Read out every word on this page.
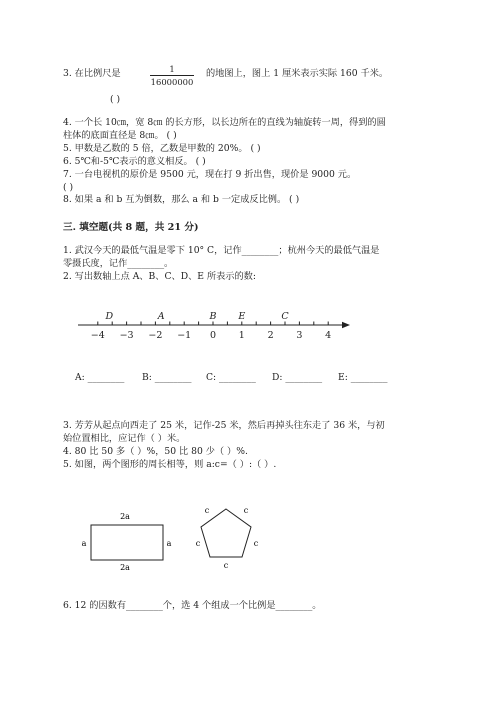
3. 在比例尺是	1
16000000
的地图上，图上 1 厘米表示实际 160 千米。
( )
4. 一个长 10㎝，宽 8㎝ 的长方形，以长边所在的直线为轴旋转一周，得到的圆
柱体的底面直径是 8㎝。 ( )
5. 甲数是乙数的 5 倍，乙数是甲数的 20%。 ( )
6. 5℃和-5℃表示的意义相反。 ( )
7. 一台电视机的原价是 9500 元，现在打 9 折出售，现价是 9000 元。
( )
8. 如果 a 和 b 互为倒数，那么 a 和 b 一定成反比例。 ( )
三. 填空题(共 8 题，共 21 分)
1. 武汉今天的最低气温是零下 10° C，记作________；杭州今天的最低气温是
零摄氏度，记作________。
2. 写出数轴上点 A、B、C、D、E 所表示的数:
−4 −3 −2 −1 0 1 2 3 4
D	A	B E	C
A: ________ B: ________ C: ________ D: ________ E: ________
3. 芳芳从起点向西走了 25 米，记作-25 米，然后再掉头往东走了 36 米，与初
始位置相比，应记作（ ）米。
4. 80 比 50 多（ ）%，50 比 80 少（ ）%.
5. 如图，两个图形的周长相等，则 a:c=（ ）:（ ）.
2a
2a
a	a
c	c
c	c
c
6. 12 的因数有________个，选 4 个组成一个比例是________。
